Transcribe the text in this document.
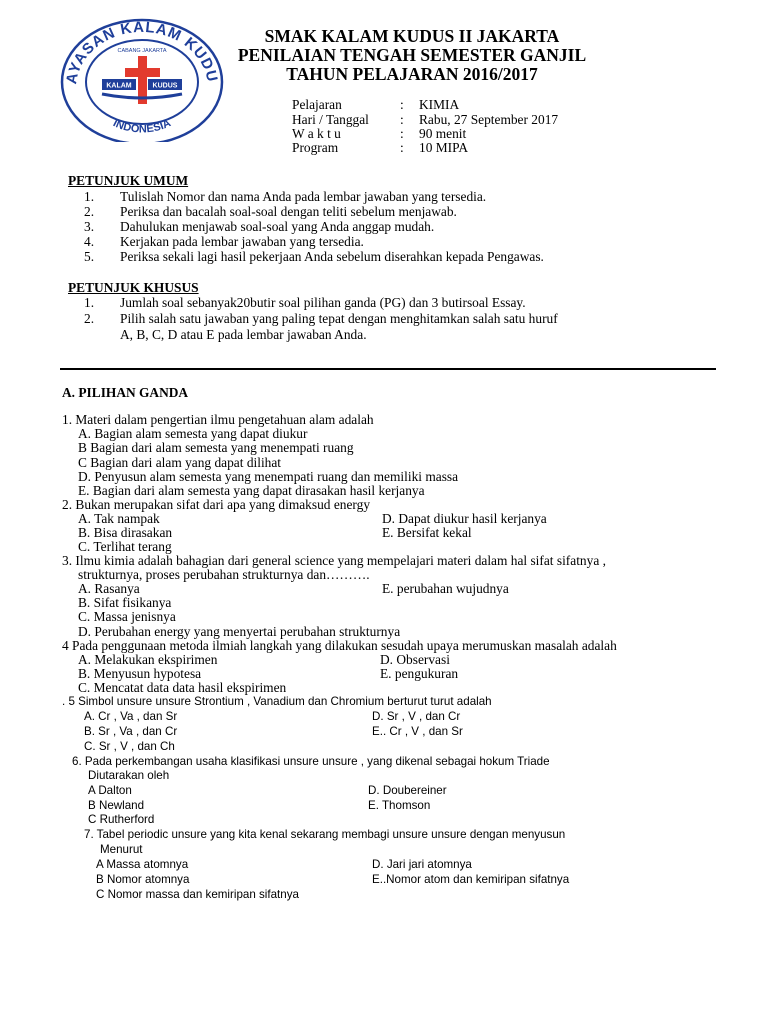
AYASAN KALAM KUDU
INDONESIA
CABANG JAKARTA
KALAM	KUDUS
SMAK KALAM KUDUS II JAKARTA
PENILAIAN TENGAH SEMESTER GANJIL
TAHUN PELAJARAN 2016/2017
Pelajaran	: KIMIA
Hari / Tanggal : Rabu, 27 September 2017
W a k t u	: 90 menit
Program	: 10 MIPA
PETUNJUK UMUM
1. Tulislah Nomor dan nama Anda pada lembar jawaban yang tersedia.
2. Periksa dan bacalah soal-soal dengan teliti sebelum menjawab.
3. Dahulukan menjawab soal-soal yang Anda anggap mudah.
4. Kerjakan pada lembar jawaban yang tersedia.
5. Periksa sekali lagi hasil pekerjaan Anda sebelum diserahkan kepada Pengawas.
PETUNJUK KHUSUS
1. Jumlah soal sebanyak20butir soal pilihan ganda (PG) dan 3 butirsoal Essay.
2. Pilih salah satu jawaban yang paling tepat dengan menghitamkan salah satu huruf
A, B, C, D atau E pada lembar jawaban Anda.
A. PILIHAN GANDA
1. Materi dalam pengertian ilmu pengetahuan alam adalah
A. Bagian alam semesta yang dapat diukur
B Bagian dari alam semesta yang menempati ruang
C Bagian dari alam yang dapat dilihat
D. Penyusun alam semesta yang menempati ruang dan memiliki massa
E. Bagian dari alam semesta yang dapat dirasakan hasil kerjanya
2. Bukan merupakan sifat dari apa yang dimaksud energy
A. Tak nampak	D. Dapat diukur hasil kerjanya
B. Bisa dirasakan	E. Bersifat kekal
C. Terlihat terang
3. Ilmu kimia adalah bahagian dari general science yang mempelajari materi dalam hal sifat sifatnya ,
strukturnya, proses perubahan strukturnya dan……….
A. Rasanya	E. perubahan wujudnya
B. Sifat fisikanya
C. Massa jenisnya
D. Perubahan energy yang menyertai perubahan strukturnya
4 Pada penggunaan metoda ilmiah langkah yang dilakukan sesudah upaya merumuskan masalah adalah
A. Melakukan ekspirimen	D. Observasi
B. Menyusun hypotesa	E. pengukuran
C. Mencatat data data hasil ekspirimen
. 5 Simbol unsure unsure Strontium , Vanadium dan Chromium berturut turut adalah
A. Cr , Va , dan Sr	D. Sr , V , dan Cr
B. Sr , Va , dan Cr	E.. Cr , V , dan Sr
C. Sr , V , dan Ch
6. Pada perkembangan usaha klasifikasi unsure unsure , yang dikenal sebagai hokum Triade
Diutarakan oleh
A Dalton	D. Doubereiner
B Newland	E. Thomson
C Rutherford
7. Tabel periodic unsure yang kita kenal sekarang membagi unsure unsure dengan menyusun
Menurut
A Massa atomnya	D. Jari jari atomnya
B Nomor atomnya	E..Nomor atom dan kemiripan sifatnya
C Nomor massa dan kemiripan sifatnya
